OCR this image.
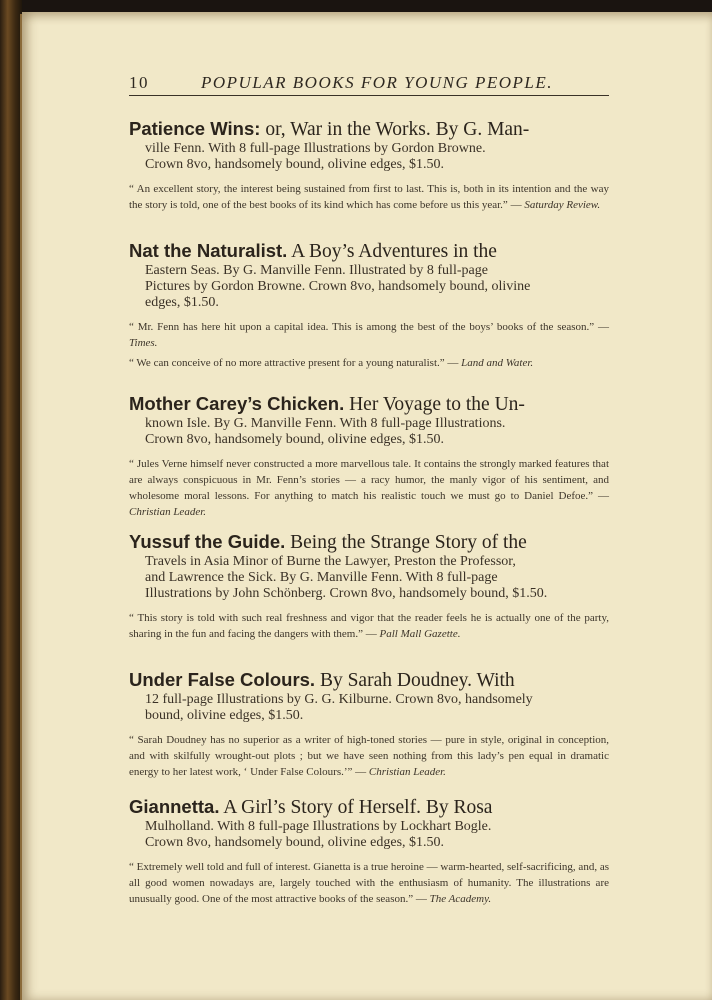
10	POPULAR BOOKS FOR YOUNG PEOPLE.

Patience Wins: or, War in the Works. By G. Man-

ville Fenn. With 8 full-page Illustrations by Gordon Browne.
Crown 8vo, handsomely bound, olivine edges, $1.50.
“ An excellent story, the interest being sustained from first to last. This is, both in its intention and the way the story is told, one of the best books of its kind which has come before us this year.” — Saturday Review.

Nat the Naturalist. A Boy’s Adventures in the

Eastern Seas. By G. Manville Fenn. Illustrated by 8 full-page
Pictures by Gordon Browne. Crown 8vo, handsomely bound, olivine
edges, $1.50.
“ Mr. Fenn has here hit upon a capital idea. This is among the best of the boys’ books of the season.” — Times.
“ We can conceive of no more attractive present for a young naturalist.” — Land and Water.

Mother Carey’s Chicken. Her Voyage to the Un-

known Isle. By G. Manville Fenn. With 8 full-page Illustrations.
Crown 8vo, handsomely bound, olivine edges, $1.50.
“ Jules Verne himself never constructed a more marvellous tale. It contains the strongly marked features that are always conspicuous in Mr. Fenn’s stories — a racy humor, the manly vigor of his sentiment, and wholesome moral lessons. For anything to match his realistic touch we must go to Daniel Defoe.” — Christian Leader.

Yussuf the Guide. Being the Strange Story of the

Travels in Asia Minor of Burne the Lawyer, Preston the Professor,
and Lawrence the Sick. By G. Manville Fenn. With 8 full-page
Illustrations by John Schönberg. Crown 8vo, handsomely bound, $1.50.
“ This story is told with such real freshness and vigor that the reader feels he is actually one of the party, sharing in the fun and facing the dangers with them.” — Pall Mall Gazette.

Under False Colours. By Sarah Doudney. With

12 full-page Illustrations by G. G. Kilburne. Crown 8vo, handsomely
bound, olivine edges, $1.50.
“ Sarah Doudney has no superior as a writer of high-toned stories — pure in style, original in conception, and with skilfully wrought-out plots ; but we have seen nothing from this lady’s pen equal in dramatic energy to her latest work, ‘ Under False Colours.’” — Christian Leader.

Giannetta. A Girl’s Story of Herself. By Rosa

Mulholland. With 8 full-page Illustrations by Lockhart Bogle.
Crown 8vo, handsomely bound, olivine edges, $1.50.
“ Extremely well told and full of interest. Gianetta is a true heroine — warm-hearted, self-sacrificing, and, as all good women nowadays are, largely touched with the enthusiasm of humanity. The illustrations are unusually good. One of the most attractive books of the season.” — The Academy.
